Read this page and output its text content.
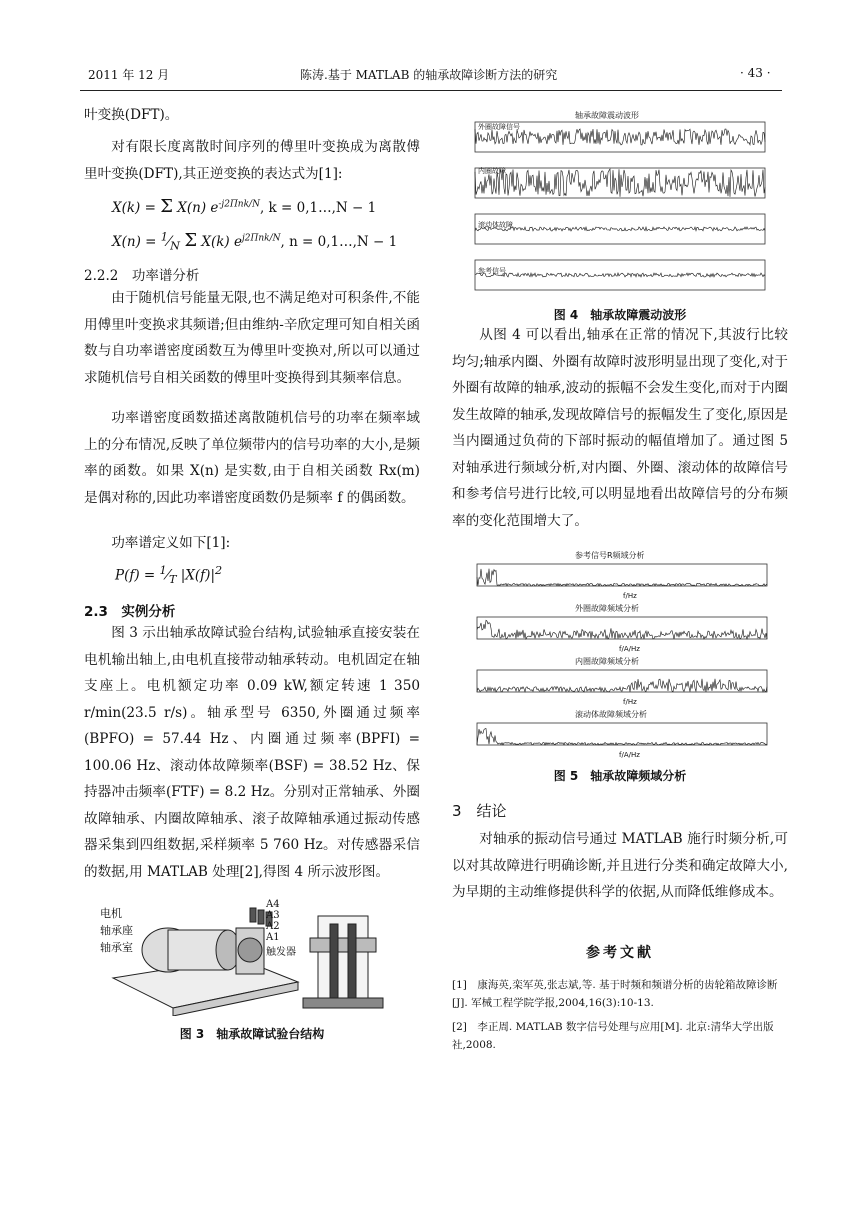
2011 年 12 月	陈涛.基于 MATLAB 的轴承故障诊断方法的研究	· 43 ·
叶变换(DFT)。
对有限长度离散时间序列的傅里叶变换成为离散傅里叶变换(DFT),其正逆变换的表达式为[1]:
X(k) = Σ X(n) $e^{-j2\Pi nk/N}$, k = 0,1…,N − 1
$X(n) = ^1⁄_N$ Σ X(k) $e^{j2\Pi nk/N}$, n = 0,1…,N − 1
2.2.2　功率谱分析
由于随机信号能量无限,也不满足绝对可积条件,不能用傅里叶变换求其频谱;但由维纳-辛欣定理可知自相关函数与自功率谱密度函数互为傅里叶变换对,所以可以通过求随机信号自相关函数的傅里叶变换得到其频率信息。
功率谱密度函数描述离散随机信号的功率在频率域上的分布情况,反映了单位频带内的信号功率的大小,是频率的函数。如果 X(n) 是实数,由于自相关函数 Rx(m) 是偶对称的,因此功率谱密度函数仍是频率 f 的偶函数。
功率谱定义如下[1]:
$P(f) = ^1⁄_T$ $|X(f)|^2$
2.3　实例分析
图 3 示出轴承故障试验台结构,试验轴承直接安装在电机输出轴上,由电机直接带动轴承转动。电机固定在轴支座上。电机额定功率 0.09 kW,额定转速 1 350 r/min(23.5 r/s)。轴承型号 6350,外圈通过频率(BPFO) = 57.44 Hz、内圈通过频率(BPFI) = 100.06 Hz、滚动体故障频率(BSF) = 38.52 Hz、保持器冲击频率(FTF) = 8.2 Hz。分别对正常轴承、外圈故障轴承、内圈故障轴承、滚子故障轴承通过振动传感器采集到四组数据,采样频率 5 760 Hz。对传感器采信的数据,用 MATLAB 处理[2],得图 4 所示波形图。
电机
轴承座
轴承室
A4
A3
A2
A1
触发器
图 3　轴承故障试验台结构
轴承故障震动波形
外圈故障信号
内圈故障
滚动体故障
参考信号
图 4　轴承故障震动波形
从图 4 可以看出,轴承在正常的情况下,其波行比较均匀;轴承内圈、外圈有故障时波形明显出现了变化,对于外圈有故障的轴承,波动的振幅不会发生变化,而对于内圈发生故障的轴承,发现故障信号的振幅发生了变化,原因是当内圈通过负荷的下部时振动的幅值增加了。通过图 5 对轴承进行频域分析,对内圈、外圈、滚动体的故障信号和参考信号进行比较,可以明显地看出故障信号的分布频率的变化范围增大了。
参考信号R频域分析
外圈故障频域分析
内圈故障频域分析
滚动体故障频域分析
f/Hz
f/A/Hz
f/Hz
f/A/Hz
图 5　轴承故障频域分析
3　结论
对轴承的振动信号通过 MATLAB 施行时频分析,可以对其故障进行明确诊断,并且进行分类和确定故障大小,为早期的主动维修提供科学的依据,从而降低维修成本。
参考文献
[1]　康海英,栾军英,张志斌,等. 基于时频和频谱分析的齿轮箱故障诊断[J]. 军械工程学院学报,2004,16(3):10-13.
[2]　李正周. MATLAB 数字信号处理与应用[M]. 北京:清华大学出版社,2008.
